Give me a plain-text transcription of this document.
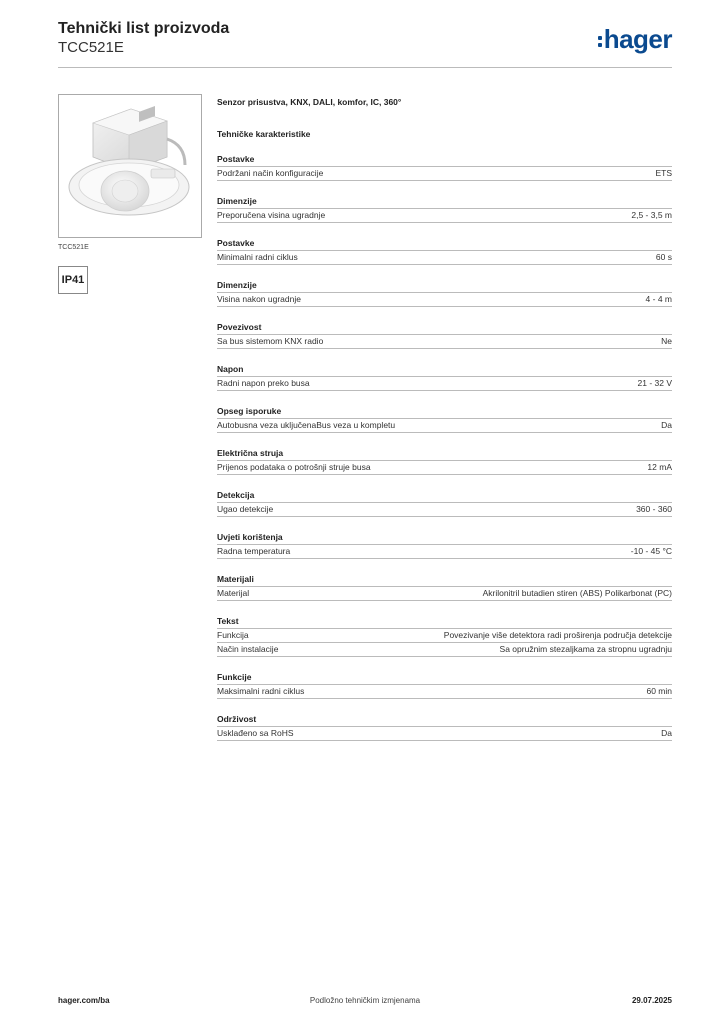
Tehnički list proizvoda
TCC521E	hager
TCC521E
IP41
Senzor prisustva, KNX, DALI, komfor, IC, 360°
Tehničke karakteristike
Postavke
Podržani način konfiguracije	ETS
Dimenzije
Preporučena visina ugradnje	2,5 - 3,5 m
Postavke
Minimalni radni ciklus	60 s
Dimenzije
Visina nakon ugradnje	4 - 4 m
Povezivost
Sa bus sistemom KNX radio	Ne
Napon
Radni napon preko busa	21 - 32 V
Opseg isporuke
Autobusna veza uključenaBus veza u kompletu	Da
Električna struja
Prijenos podataka o potrošnji struje busa	12 mA
Detekcija
Ugao detekcije	360 - 360
Uvjeti korištenja
Radna temperatura	-10 - 45 °C
Materijali
Materijal	Akrilonitril butadien stiren (ABS) Polikarbonat (PC)
Tekst
Funkcija	Povezivanje više detektora radi proširenja područja detekcije
Način instalacije	Sa opružnim stezaljkama za stropnu ugradnju
Funkcije
Maksimalni radni ciklus	60 min
Održivost
Usklađeno sa RoHS	Da
hager.com/ba	Podložno tehničkim izmjenama	29.07.2025
